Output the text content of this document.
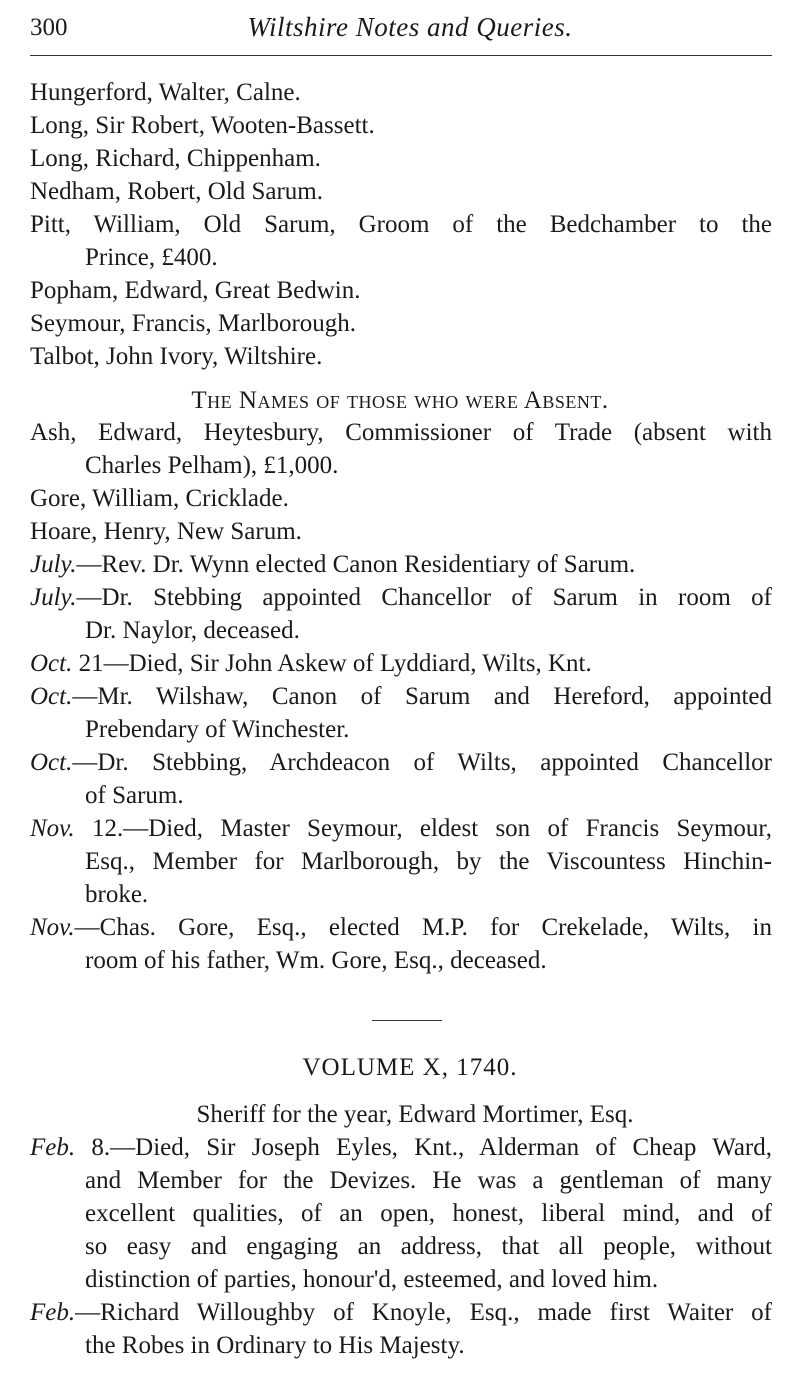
300	Wiltshire Notes and Queries.
Hungerford, Walter, Calne.
Long, Sir Robert, Wooten-Bassett.
Long, Richard, Chippenham.
Nedham, Robert, Old Sarum.
Pitt, William, Old Sarum, Groom of the Bedchamber to the
Prince, £400.
Popham, Edward, Great Bedwin.
Seymour, Francis, Marlborough.
Talbot, John Ivory, Wiltshire.
The Names of those who were Absent.
Ash, Edward, Heytesbury, Commissioner of Trade (absent with
Charles Pelham), £1,000.
Gore, William, Cricklade.
Hoare, Henry, New Sarum.
July.—Rev. Dr. Wynn elected Canon Residentiary of Sarum.
July.—Dr. Stebbing appointed Chancellor of Sarum in room of
Dr. Naylor, deceased.
Oct. 21—Died, Sir John Askew of Lyddiard, Wilts, Knt.
Oct.—Mr. Wilshaw, Canon of Sarum and Hereford, appointed
Prebendary of Winchester.
Oct.—Dr. Stebbing, Archdeacon of Wilts, appointed Chancellor
of Sarum.
Nov. 12.—Died, Master Seymour, eldest son of Francis Seymour,
Esq., Member for Marlborough, by the Viscountess Hinchin-
broke.
Nov.—Chas. Gore, Esq., elected M.P. for Crekelade, Wilts, in
room of his father, Wm. Gore, Esq., deceased.
VOLUME X, 1740.
Sheriff for the year, Edward Mortimer, Esq.
Feb. 8.—Died, Sir Joseph Eyles, Knt., Alderman of Cheap Ward,
and Member for the Devizes. He was a gentleman of many
excellent qualities, of an open, honest, liberal mind, and of
so easy and engaging an address, that all people, without
distinction of parties, honour'd, esteemed, and loved him.
Feb.—Richard Willoughby of Knoyle, Esq., made first Waiter of
the Robes in Ordinary to His Majesty.
